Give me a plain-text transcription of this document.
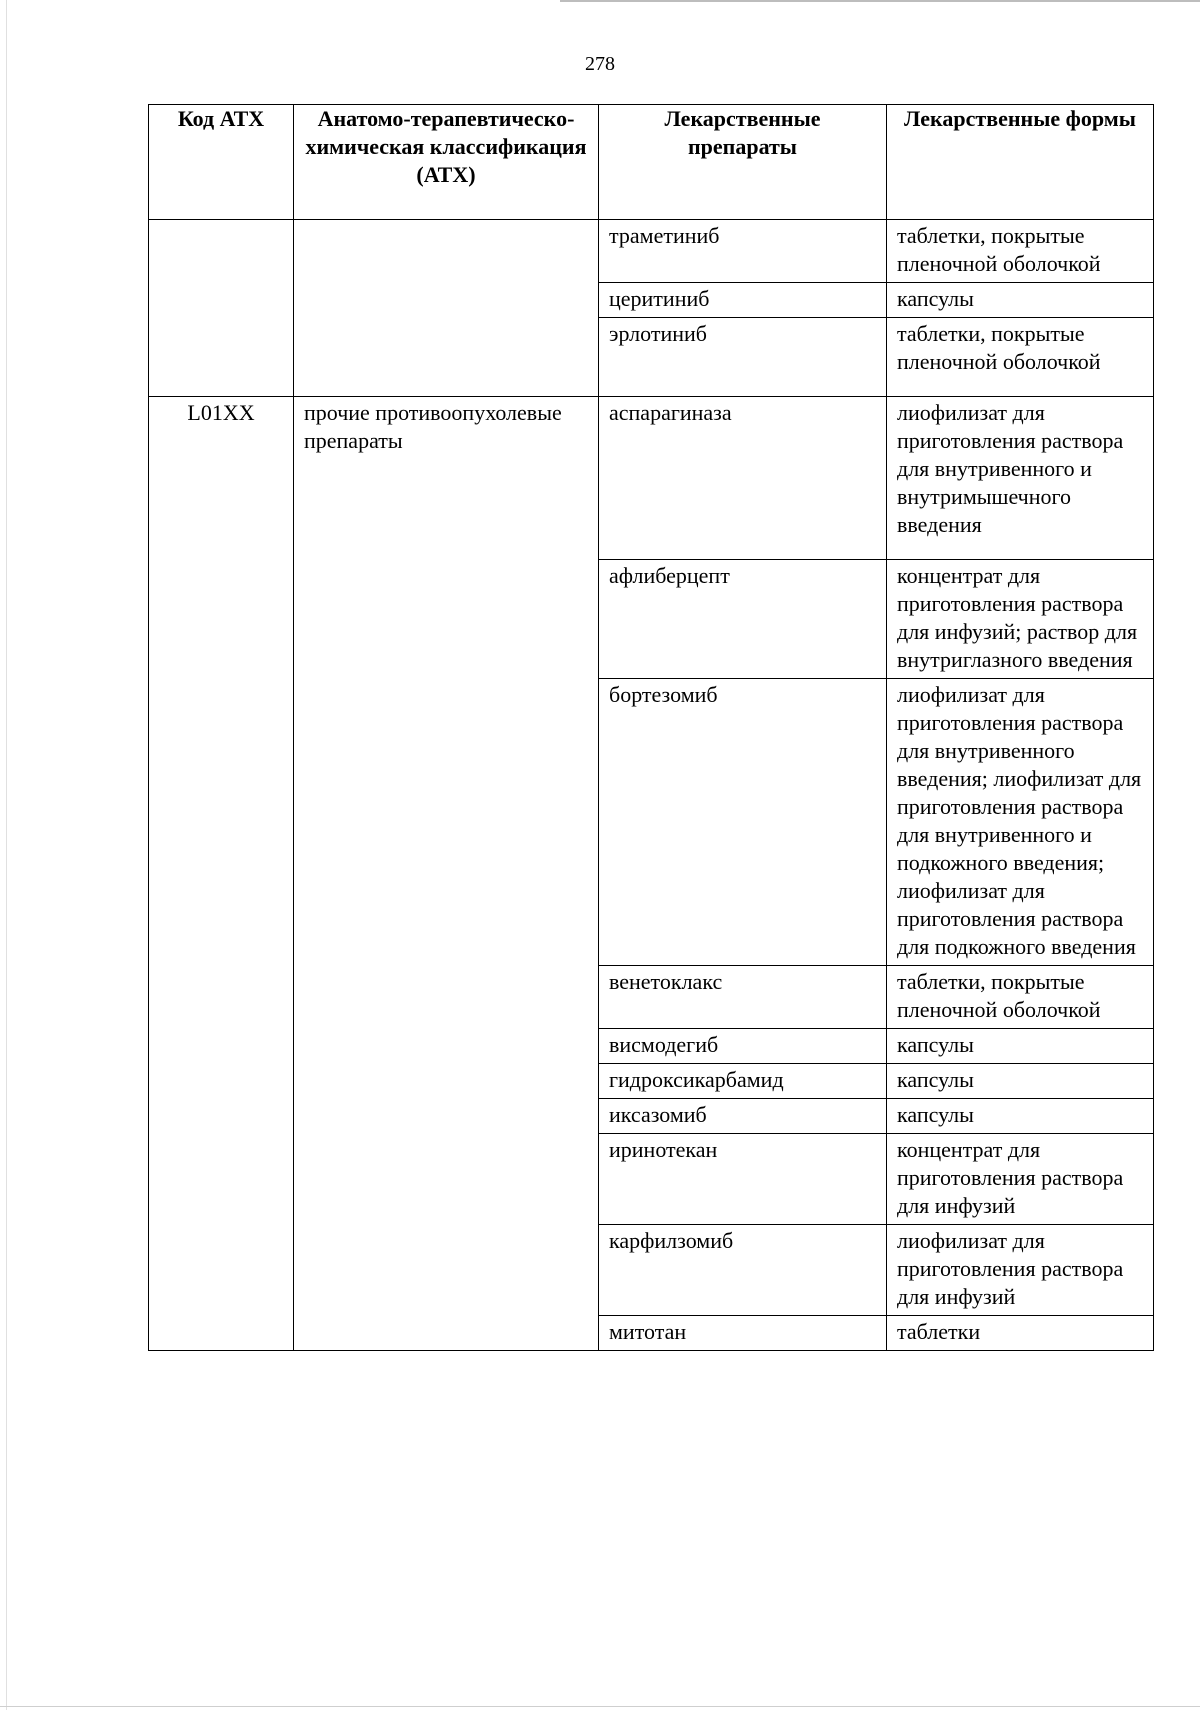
278
Код АТХ	Анатомо-терапевтическо-химическая классификация (АТХ)	Лекарственные препараты	Лекарственные формы
		траметиниб	таблетки, покрытые пленочной оболочкой
		церитиниб	капсулы
		эрлотиниб	таблетки, покрытые пленочной оболочкой
L01XX	прочие противоопухолевые препараты	аспарагиназа	лиофилизат для приготовления раствора для внутривенного и внутримышечного введения
		афлиберцепт	концентрат для приготовления раствора для инфузий; раствор для внутриглазного введения
		бортезомиб	лиофилизат для приготовления раствора для внутривенного введения; лиофилизат для приготовления раствора для внутривенного и подкожного введения; лиофилизат для приготовления раствора для подкожного введения
		венетоклакс	таблетки, покрытые пленочной оболочкой
		висмодегиб	капсулы
		гидроксикарбамид	капсулы
		иксазомиб	капсулы
		иринотекан	концентрат для приготовления раствора для инфузий
		карфилзомиб	лиофилизат для приготовления раствора для инфузий
		митотан	таблетки
